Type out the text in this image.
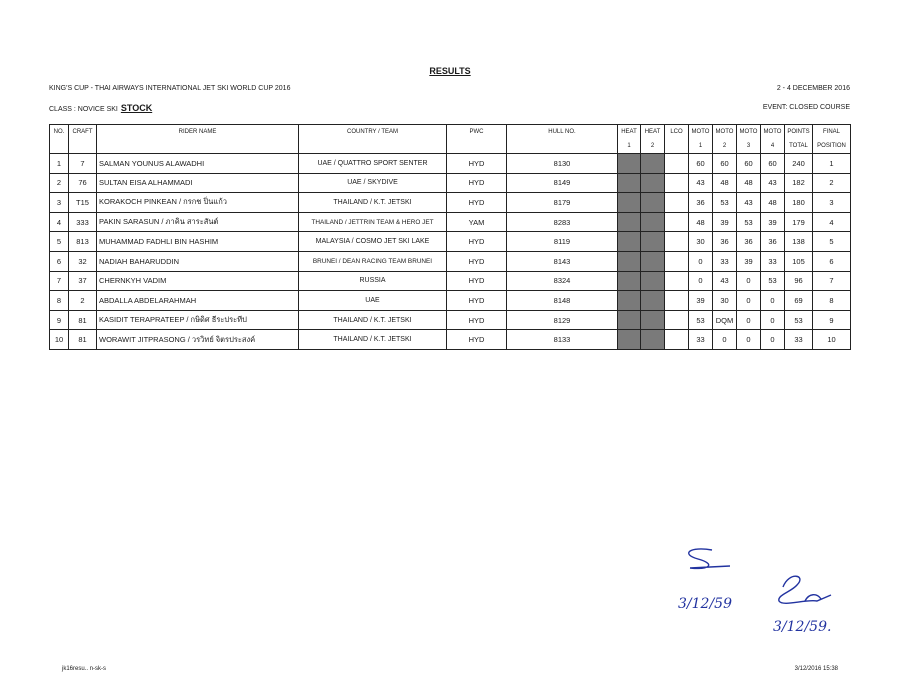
RESULTS
KING'S CUP - THAI AIRWAYS INTERNATIONAL JET SKI WORLD CUP 2016	2 - 4 DECEMBER 2016
CLASS : NOVICE SKI STOCK	EVENT: CLOSED COURSE
NO.	CRAFT	RIDER NAME	COUNTRY / TEAM	PWC	HULL NO.	HEAT	HEAT	LCO	MOTO	MOTO	MOTO	MOTO	POINTS	FINAL
						1	2		1	2	3	4	TOTAL	POSITION
1	7	SALMAN YOUNUS ALAWADHI	UAE / QUATTRO SPORT SENTER	HYD	8130				60	60	60	60	240	1
2	76	SULTAN EISA ALHAMMADI	UAE / SKYDIVE	HYD	8149				43	48	48	43	182	2
3	T15	KORAKOCH PINKEAN / กรกช ปิ่นแก้ว	THAILAND / K.T. JETSKI	HYD	8179				36	53	43	48	180	3
4	333	PAKIN SARASUN / ภาคิน สาระสันต์	THAILAND / JETTRIN TEAM & HERO JET	YAM	8283				48	39	53	39	179	4
5	813	MUHAMMAD FADHLI BIN HASHIM	MALAYSIA / COSMO JET SKI LAKE	HYD	8119				30	36	36	36	138	5
6	32	NADIAH BAHARUDDIN	BRUNEI / DEAN RACING TEAM BRUNEI	HYD	8143				0	33	39	33	105	6
7	37	CHERNKYH VADIM	RUSSIA	HYD	8324				0	43	0	53	96	7
8	2	ABDALLA ABDELARAHMAH	UAE	HYD	8148				39	30	0	0	69	8
9	81	KASIDIT TERAPRATEEP / กษิดิศ ธีระประทีป	THAILAND / K.T. JETSKI	HYD	8129				53	DQM	0	0	53	9
10	81	WORAWIT JITPRASONG / วรวิทย์ จิตรประสงค์	THAILAND / K.T. JETSKI	HYD	8133				33	0	0	0	33	10
3/12/59
3/12/59.
jk16resu.. n-sk-s	3/12/2016 15:38
